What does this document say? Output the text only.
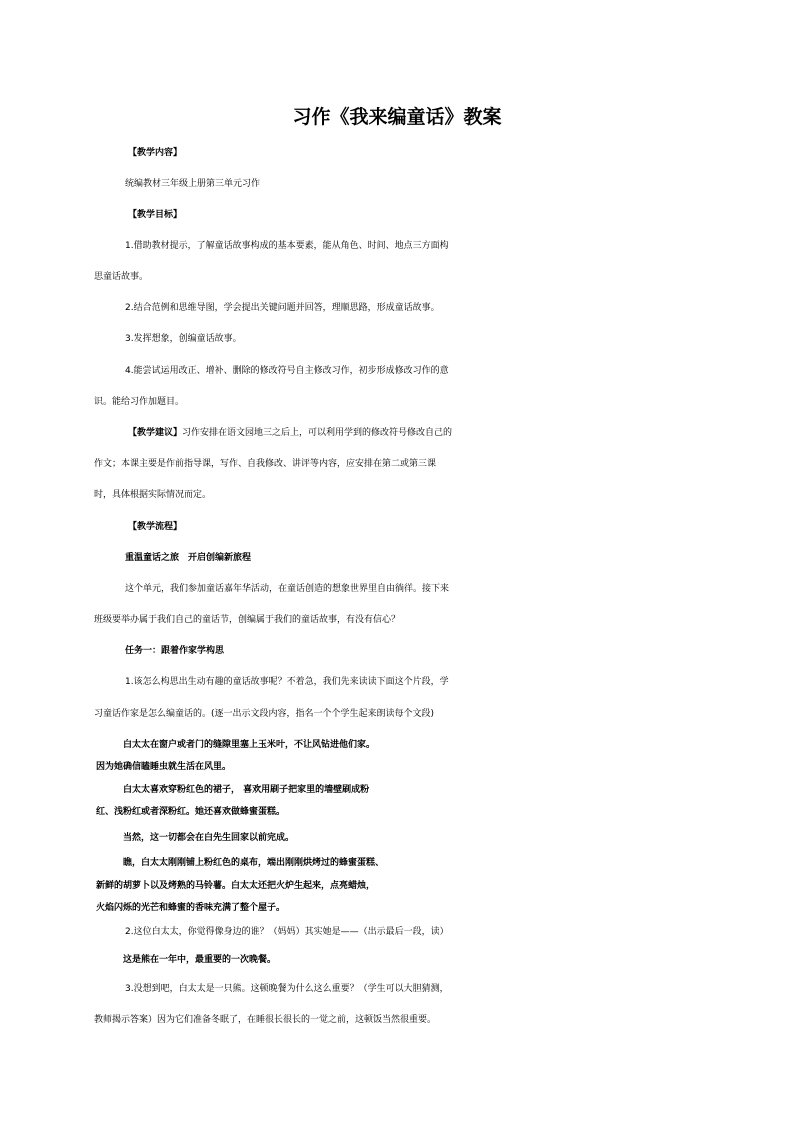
习作《我来编童话》教案
【教学内容】
统编教材三年级上册第三单元习作
【教学目标】
1.借助教材提示，了解童话故事构成的基本要素，能从角色、时间、地点三方面构
思童话故事。
2.结合范例和思维导图，学会提出关键问题并回答，理顺思路，形成童话故事。
3.发挥想象，创编童话故事。
4.能尝试运用改正、增补、删除的修改符号自主修改习作，初步形成修改习作的意
识。能给习作加题目。
【教学建议】习作安排在语文园地三之后上，可以利用学到的修改符号修改自己的
作文；本课主要是作前指导课，写作、自我修改、讲评等内容，应安排在第二或第三课
时，具体根据实际情况而定。
【教学流程】
重温童话之旅　开启创编新旅程
这个单元，我们参加童话嘉年华活动，在童话创造的想象世界里自由徜徉。接下来
班级要举办属于我们自己的童话节，创编属于我们的童话故事，有没有信心？
任务一：跟着作家学构思
1.该怎么构思出生动有趣的童话故事呢？不着急，我们先来读读下面这个片段，学
习童话作家是怎么编童话的。(逐一出示文段内容，指名一个个学生起来朗读每个文段)
白太太在窗户或者门的缝隙里塞上玉米叶，不让风钻进他们家。
因为她确信瞌睡虫就生活在风里。
白太太喜欢穿粉红色的裙子， 喜欢用刷子把家里的墙壁刷成粉
红、浅粉红或者深粉红。她还喜欢做蜂蜜蛋糕。
当然，这一切都会在白先生回家以前完成。
瞧，白太太刚刚铺上粉红色的桌布，端出刚刚烘烤过的蜂蜜蛋糕、
新鲜的胡萝卜以及烤熟的马铃薯。白太太还把火炉生起来，点亮蜡烛，
火焰闪烁的光芒和蜂蜜的香味充满了整个屋子。
2.这位白太太，你觉得像身边的谁？（妈妈）其实她是——（出示最后一段，读）
这是熊在一年中，最重要的一次晚餐。
3.没想到吧，白太太是一只熊。这顿晚餐为什么这么重要？（学生可以大胆猜测，
教师揭示答案）因为它们准备冬眠了，在睡很长很长的一觉之前，这顿饭当然很重要。
